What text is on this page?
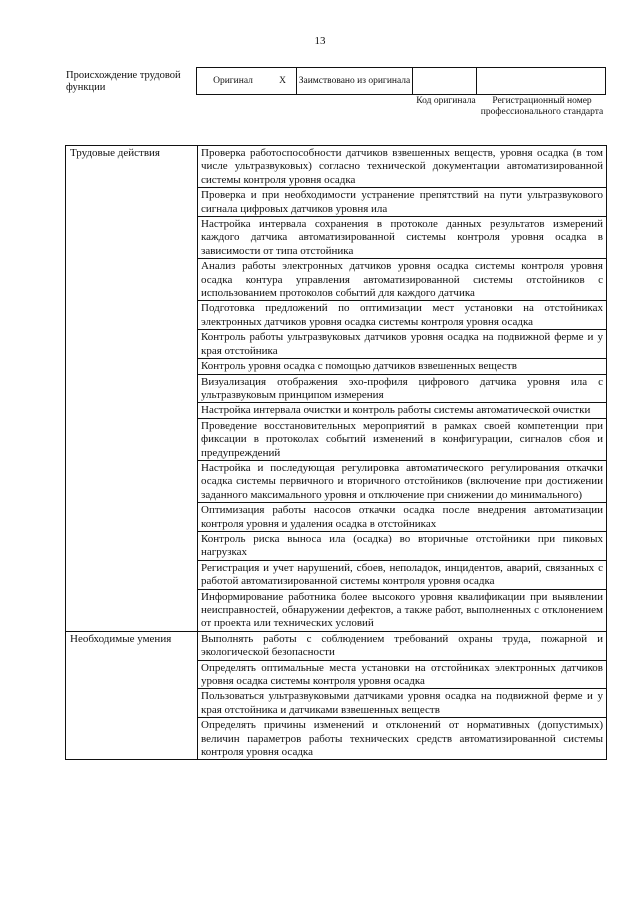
13
Происхождение трудовой функции
Оригинал	X	Заимствовано из оригинала
Код оригинала	Регистрационный номер профессионального стандарта
Трудовые действия	Проверка работоспособности датчиков взвешенных веществ, уровня осадка (в том числе ультразвуковых) согласно технической документации автоматизированной системы контроля уровня осадка
	Проверка и при необходимости устранение препятствий на пути ультразвукового сигнала цифровых датчиков уровня ила
	Настройка интервала сохранения в протоколе данных результатов измерений каждого датчика автоматизированной системы контроля уровня осадка в зависимости от типа отстойника
	Анализ работы электронных датчиков уровня осадка системы контроля уровня осадка контура управления автоматизированной системы отстойников с использованием протоколов событий для каждого датчика
	Подготовка предложений по оптимизации мест установки на отстойниках электронных датчиков уровня осадка системы контроля уровня осадка
	Контроль работы ультразвуковых датчиков уровня осадка на подвижной ферме и у края отстойника
	Контроль уровня осадка с помощью датчиков взвешенных веществ
	Визуализация отображения эхо-профиля цифрового датчика уровня ила с ультразвуковым принципом измерения
	Настройка интервала очистки и контроль работы системы автоматической очистки
	Проведение восстановительных мероприятий в рамках своей компетенции при фиксации в протоколах событий изменений в конфигурации, сигналов сбоя и предупреждений
	Настройка и последующая регулировка автоматического регулирования откачки осадка системы первичного и вторичного отстойников (включение при достижении заданного максимального уровня и отключение при снижении до минимального)
	Оптимизация работы насосов откачки осадка после внедрения автоматизации контроля уровня и удаления осадка в отстойниках
	Контроль риска выноса ила (осадка) во вторичные отстойники при пиковых нагрузках
	Регистрация и учет нарушений, сбоев, неполадок, инцидентов, аварий, связанных с работой автоматизированной системы контроля уровня осадка
	Информирование работника более высокого уровня квалификации при выявлении неисправностей, обнаружении дефектов, а также работ, выполненных с отклонением от проекта или технических условий
Необходимые умения	Выполнять работы с соблюдением требований охраны труда, пожарной и экологической безопасности
	Определять оптимальные места установки на отстойниках электронных датчиков уровня осадка системы контроля уровня осадка
	Пользоваться ультразвуковыми датчиками уровня осадка на подвижной ферме и у края отстойника и датчиками взвешенных веществ
	Определять причины изменений и отклонений от нормативных (допустимых) величин параметров работы технических средств автоматизированной системы контроля уровня осадка
